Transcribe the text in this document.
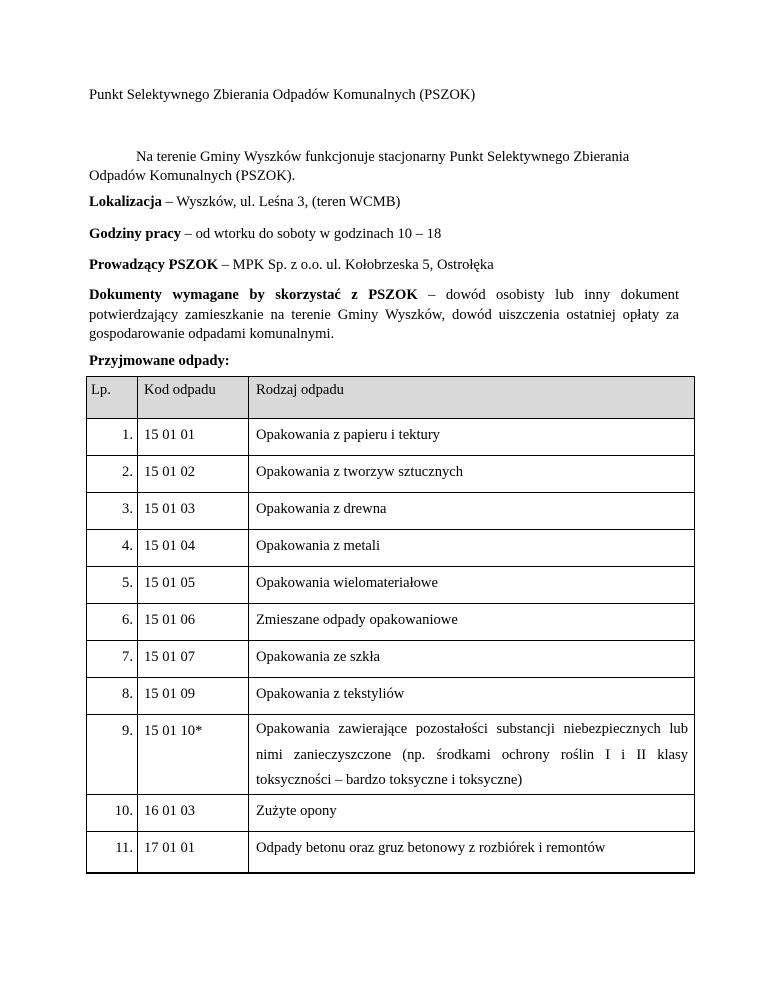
Punkt Selektywnego Zbierania Odpadów Komunalnych (PSZOK)

Na terenie Gminy Wyszków funkcjonuje stacjonarny Punkt Selektywnego Zbierania Odpadów Komunalnych (PSZOK).

Lokalizacja – Wyszków, ul. Leśna 3, (teren WCMB)

Godziny pracy – od wtorku do soboty w godzinach 10 – 18

Prowadzący PSZOK – MPK Sp. z o.o. ul. Kołobrzeska 5, Ostrołęka

Dokumenty wymagane by skorzystać z PSZOK – dowód osobisty lub inny dokument potwierdzający zamieszkanie na terenie Gminy Wyszków, dowód uiszczenia ostatniej opłaty za gospodarowanie odpadami komunalnymi.

Przyjmowane odpady:
Lp.	Kod odpadu	Rodzaj odpadu
1.	15 01 01	Opakowania z papieru i tektury
2.	15 01 02	Opakowania z tworzyw sztucznych
3.	15 01 03	Opakowania z drewna
4.	15 01 04	Opakowania z metali
5.	15 01 05	Opakowania wielomateriałowe
6.	15 01 06	Zmieszane odpady opakowaniowe
7.	15 01 07	Opakowania ze szkła
8.	15 01 09	Opakowania z tekstyliów
9.	15 01 10*	Opakowania zawierające pozostałości substancji niebezpiecznych lub nimi zanieczyszczone (np. środkami ochrony roślin I i II klasy toksyczności – bardzo toksyczne i toksyczne)
10.	16 01 03	Zużyte opony
11.	17 01 01	Odpady betonu oraz gruz betonowy z rozbiórek i remontów
